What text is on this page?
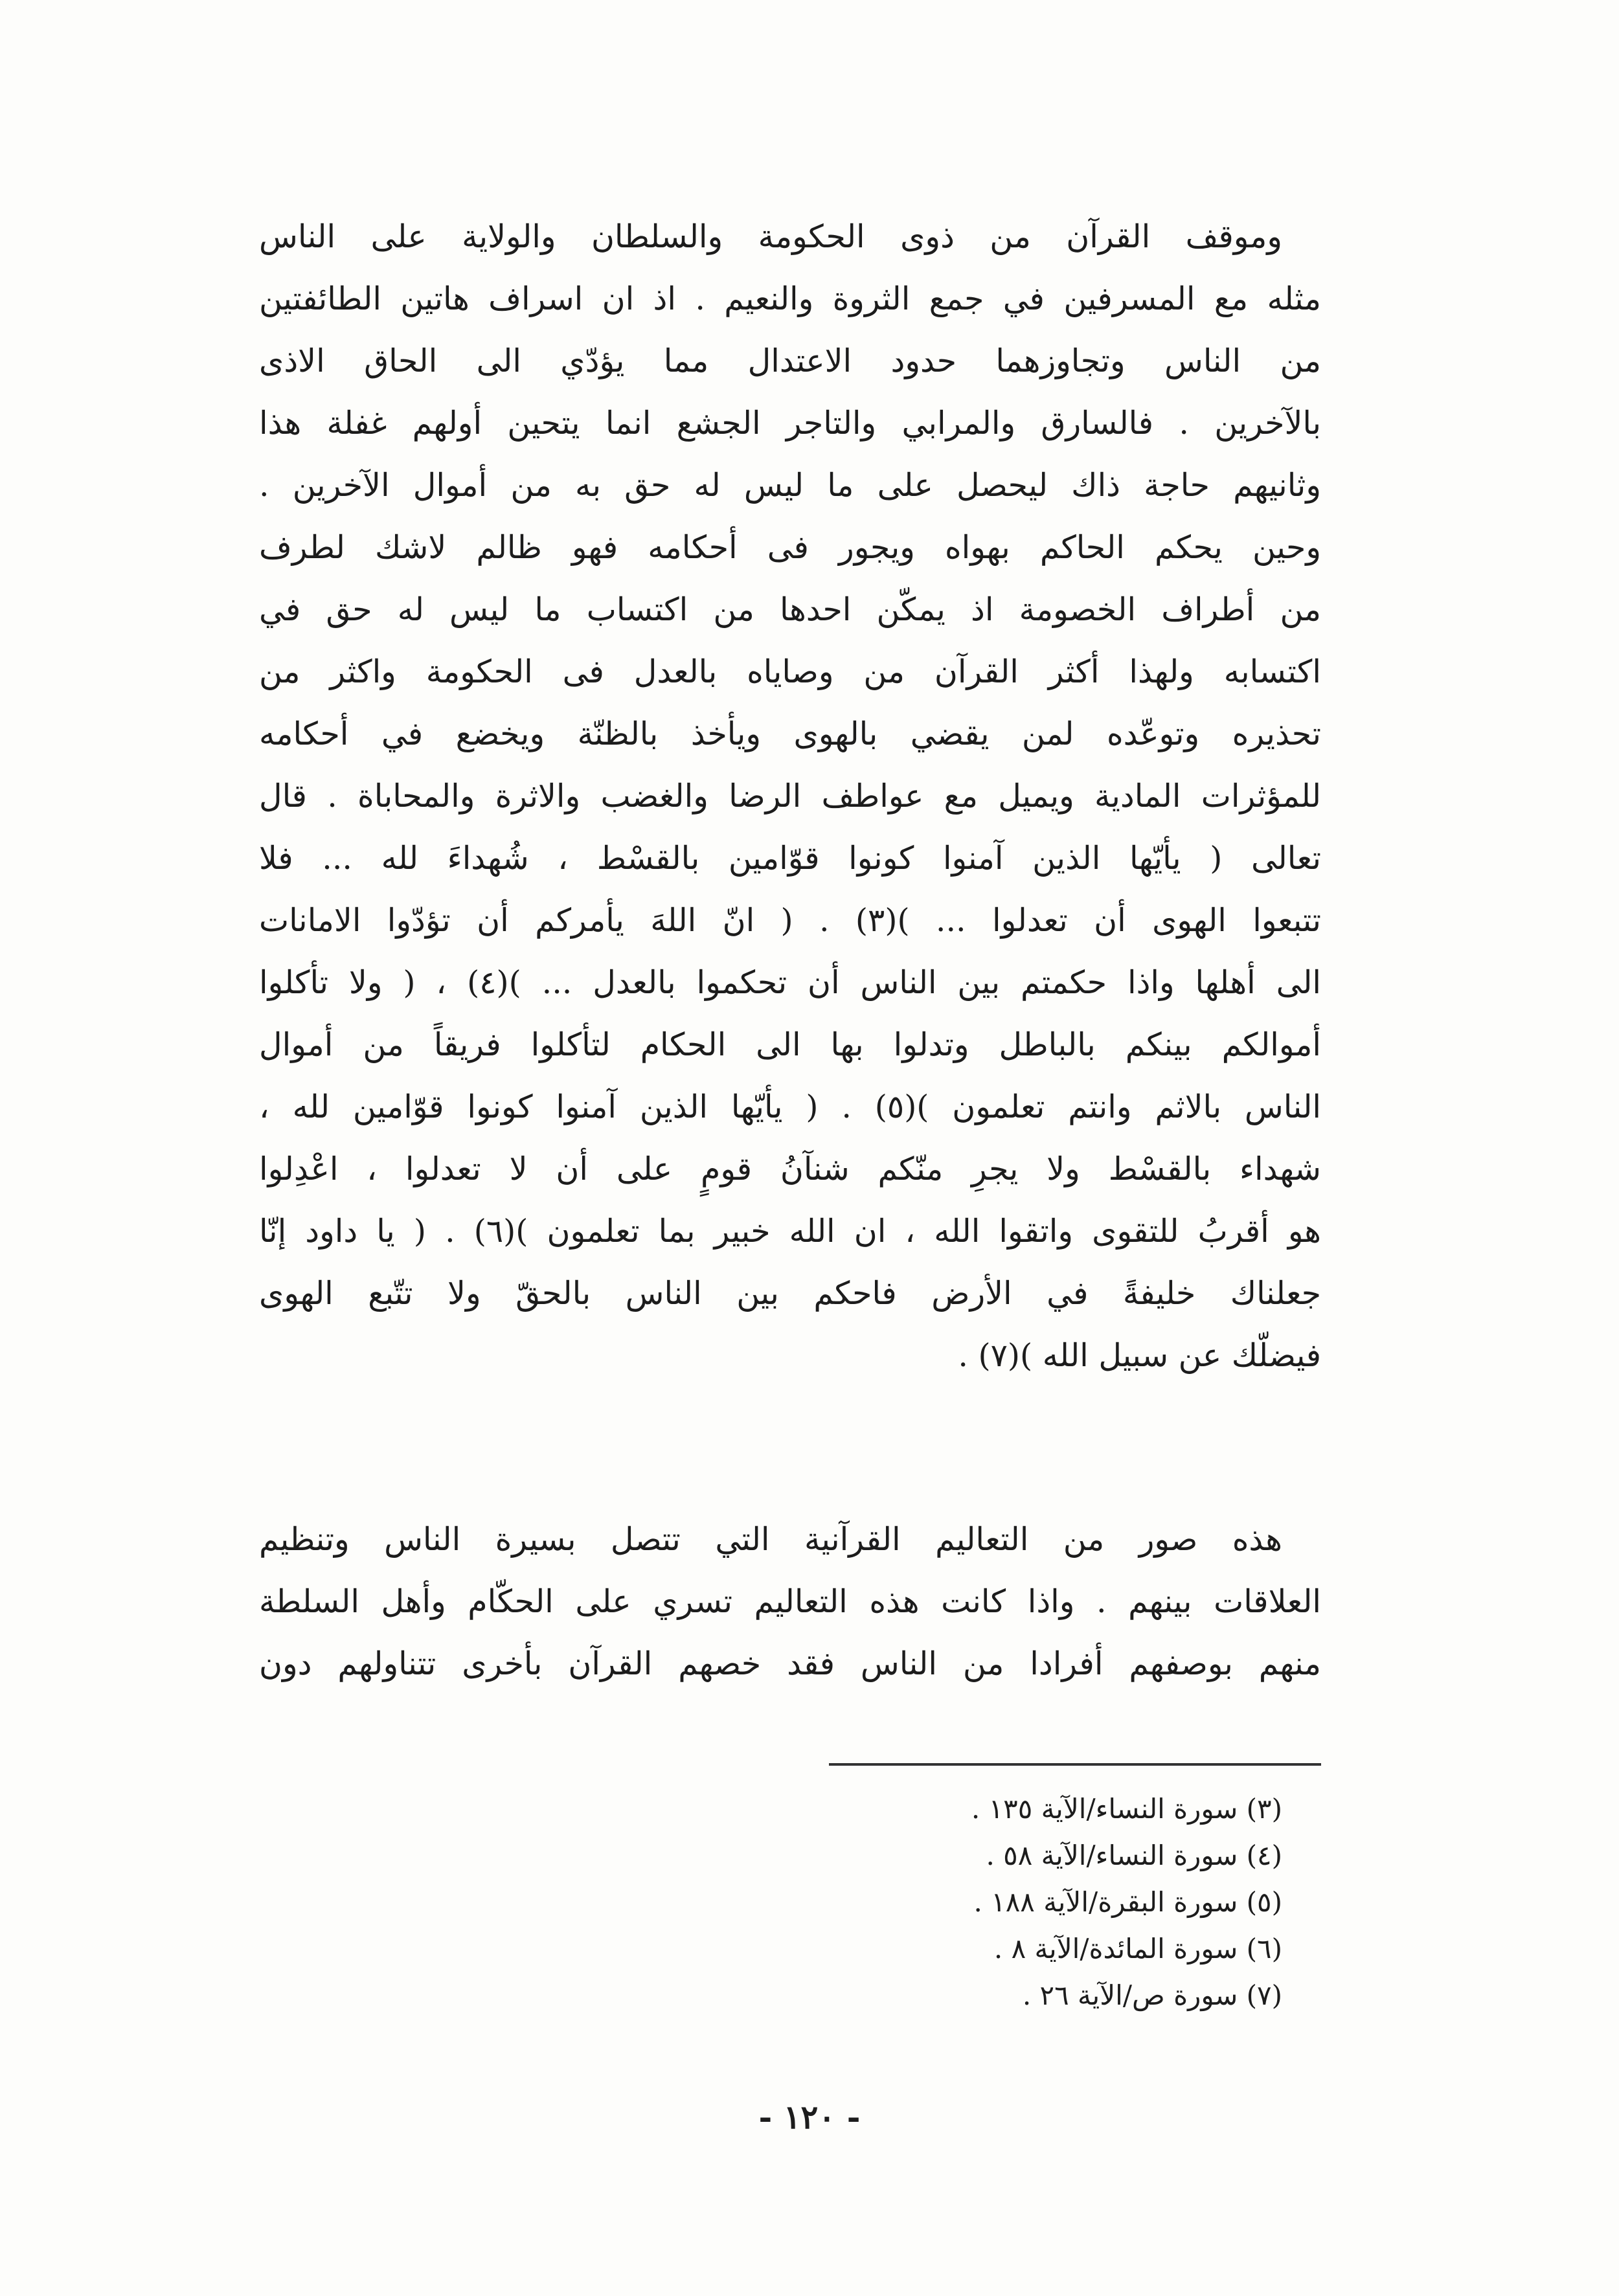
وموقف القرآن من ذوى الحكومة والسلطان والولاية على الناس
مثله مع المسرفين في جمع الثروة والنعيم . اذ ان اسراف هاتين الطائفتين
من الناس وتجاوزهما حدود الاعتدال مما يؤدّي الى الحاق الاذى
بالآخرين . فالسارق والمرابي والتاجر الجشع انما يتحين أولهم غفلة هذا
وثانيهم حاجة ذاك ليحصل على ما ليس له حق به من أموال الآخرين .
وحين يحكم الحاكم بهواه ويجور فى أحكامه فهو ظالم لاشك لطرف
من أطراف الخصومة اذ يمكّن احدها من اكتساب ما ليس له حق في
اكتسابه ولهذا أكثر القرآن من وصاياه بالعدل فى الحكومة واكثر من
تحذيره وتوعّده لمن يقضي بالهوى ويأخذ بالظنّة ويخضع في أحكامه
للمؤثرات المادية ويميل مع عواطف الرضا والغضب والاثرة والمحاباة . قال
تعالى ( يأيّها الذين آمنوا كونوا قوّامين بالقسْط ، شُهداءَ لله ... فلا
تتبعوا الهوى أن تعدلوا ... )(٣) . ( انّ اللهَ يأمركم أن تؤدّوا الامانات
الى أهلها واذا حكمتم بين الناس أن تحكموا بالعدل ... )(٤) ، ( ولا تأكلوا
أموالكم بينكم بالباطل وتدلوا بها الى الحكام لتأكلوا فريقاً من أموال
الناس بالاثم وانتم تعلمون )(٥) . ( يأيّها الذين آمنوا كونوا قوّامين لله ،
شهداء بالقسْط ولا يجرِ منّكم شنآنُ قومٍ على أن لا تعدلوا ، اعْدِلوا
هو أقربُ للتقوى واتقوا الله ، ان الله خبير بما تعلمون )(٦) . ( يا داود إنّا
جعلناك خليفةً في الأرض فاحكم بين الناس بالحقّ ولا تتّبع الهوى
فيضلّك عن سبيل الله )(٧) .
هذه صور من التعاليم القرآنية التي تتصل بسيرة الناس وتنظيم
العلاقات بينهم . واذا كانت هذه التعاليم تسري على الحكّام وأهل السلطة
منهم بوصفهم أفرادا من الناس فقد خصهم القرآن بأخرى تتناولهم دون
(٣) سورة النساء/الآية ١٣٥ .
(٤) سورة النساء/الآية ٥٨ .
(٥) سورة البقرة/الآية ١٨٨ .
(٦) سورة المائدة/الآية ٨ .
(٧) سورة ص/الآية ٢٦ .
- ١٢٠ -
